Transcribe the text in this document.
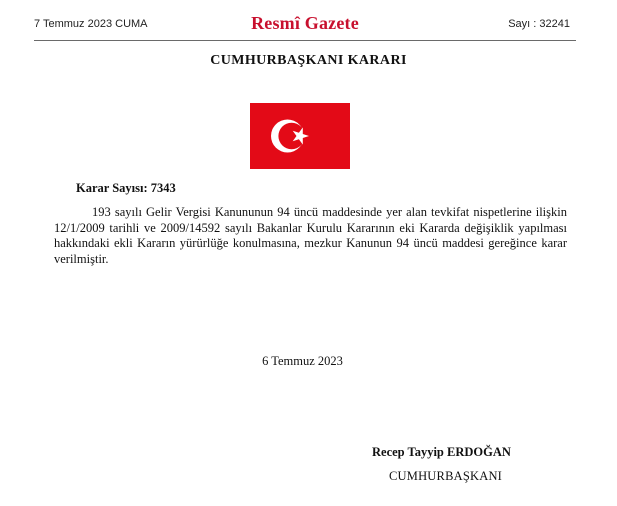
7 Temmuz 2023 CUMA	Resmî Gazete	Sayı : 32241
CUMHURBAŞKANI KARARI
Karar Sayısı: 7343

193 sayılı Gelir Vergisi Kanununun 94 üncü maddesinde yer alan tevkifat nispetlerine ilişkin 12/1/2009 tarihli ve 2009/14592 sayılı Bakanlar Kurulu Kararının eki Kararda değişiklik yapılması hakkındaki ekli Kararın yürürlüğe konulmasına, mezkur Kanunun 94 üncü maddesi gereğince karar verilmiştir.

6 Temmuz 2023
Recep Tayyip ERDOĞAN
CUMHURBAŞKANI
